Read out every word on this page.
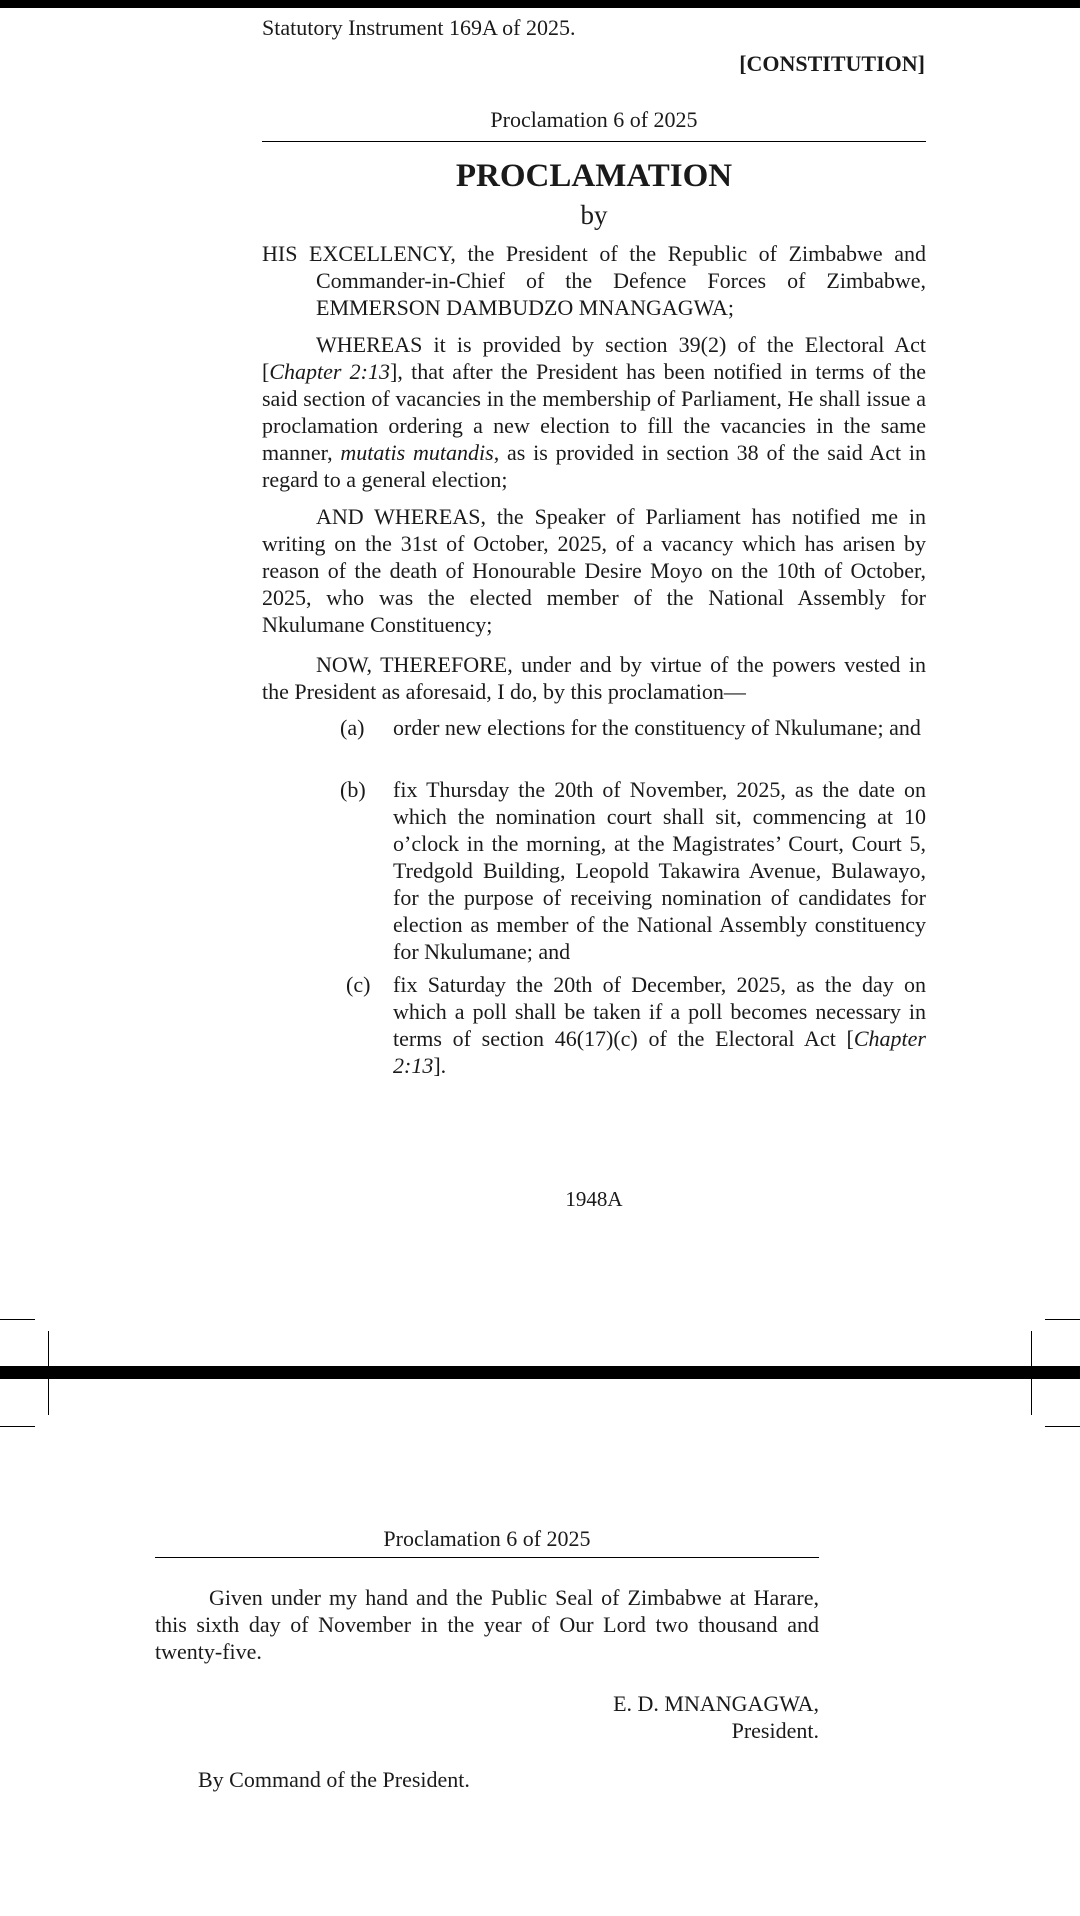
Statutory Instrument 169A of 2025.
[CONSTITUTION]
Proclamation 6 of 2025
PROCLAMATION
by
HIS EXCELLENCY, the President of the Republic of Zimbabwe and Commander-in-Chief of the Defence Forces of Zimbabwe, EMMERSON DAMBUDZO MNANGAGWA;
WHEREAS it is provided by section 39(2) of the Electoral Act [Chapter 2:13], that after the President has been notified in terms of the said section of vacancies in the membership of Parliament, He shall issue a proclamation ordering a new election to fill the vacancies in the same manner, mutatis mutandis, as is provided in section 38 of the said Act in regard to a general election;
AND WHEREAS, the Speaker of Parliament has notified me in writing on the 31st of October, 2025, of a vacancy which has arisen by reason of the death of Honourable Desire Moyo on the 10th of October, 2025, who was the elected member of the National Assembly for Nkulumane Constituency;
NOW, THEREFORE, under and by virtue of the powers vested in the President as aforesaid, I do, by this proclamation—
(a)	order new elections for the constituency of Nkulumane; and
(b)	fix Thursday the 20th of November, 2025, as the date on which the nomination court shall sit, commencing at 10 o’clock in the morning, at the Magistrates’ Court, Court 5, Tredgold Building, Leopold Takawira Avenue, Bulawayo, for the purpose of receiving nomination of candidates for election as member of the National Assembly constituency for Nkulumane; and
(c)	fix Saturday the 20th of December, 2025, as the day on which a poll shall be taken if a poll becomes necessary in terms of section 46(17)(c) of the Electoral Act [Chapter 2:13].
1948A
Proclamation 6 of 2025
Given under my hand and the Public Seal of Zimbabwe at Harare, this sixth day of November in the year of Our Lord two thousand and twenty-five.
E. D. MNANGAGWA,
President.
By Command of the President.
